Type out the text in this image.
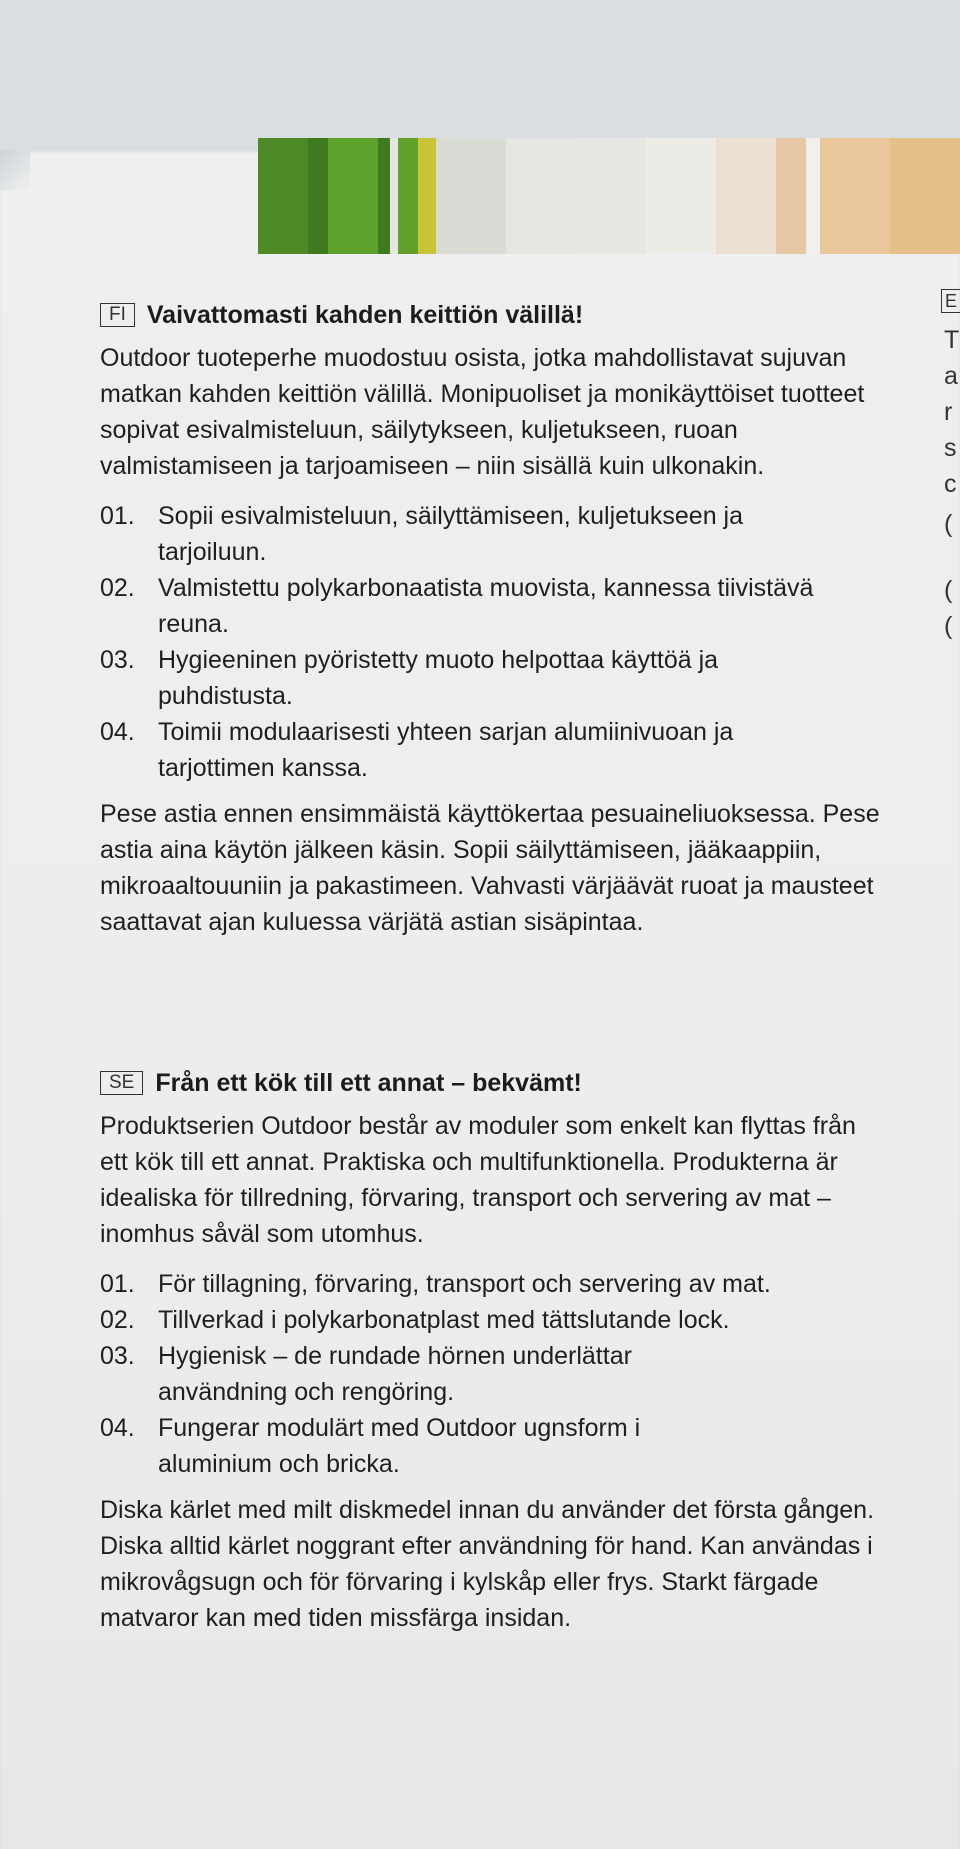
FI Vaivattomasti kahden keittiön välillä!

Outdoor tuoteperhe muodostuu osista, jotka mahdollistavat sujuvan matkan kahden keittiön välillä. Monipuoliset ja monikäyttöiset tuotteet sopivat esivalmisteluun, säilytykseen, kuljetukseen, ruoan valmistamiseen ja tarjoamiseen – niin sisällä kuin ulkonakin.

01. Sopii esivalmisteluun, säilyttämiseen, kuljetukseen ja tarjoiluun.
02. Valmistettu polykarbonaatista muovista, kannessa tiivistävä reuna.
03. Hygieeninen pyöristetty muoto helpottaa käyttöä ja puhdistusta.
04. Toimii modulaarisesti yhteen sarjan alumiinivuoan ja tarjottimen kanssa.

Pese astia ennen ensimmäistä käyttökertaa pesuaineliuoksessa. Pese astia aina käytön jälkeen käsin. Sopii säilyttämiseen, jääkaappiin, mikroaaltouuniin ja pakastimeen. Vahvasti värjäävät ruoat ja mausteet saattavat ajan kuluessa värjätä astian sisäpintaa.

SE Från ett kök till ett annat – bekvämt!

Produktserien Outdoor består av moduler som enkelt kan flyttas från ett kök till ett annat. Praktiska och multifunktionella. Produkterna är idealiska för tillredning, förvaring, transport och servering av mat – inomhus såväl som utomhus.

01. För tillagning, förvaring, transport och servering av mat.
02. Tillverkad i polykarbonatplast med tättslutande lock.
03. Hygienisk – de rundade hörnen underlättar användning och rengöring.
04. Fungerar modulärt med Outdoor ugnsform i aluminium och bricka.

Diska kärlet med milt diskmedel innan du använder det första gången. Diska alltid kärlet noggrant efter användning för hand. Kan användas i mikrovågsugn och för förvaring i kylskåp eller frys. Starkt färgade matvaror kan med tiden missfärga insidan.

E
T
a
r
s
c
(
(
(
